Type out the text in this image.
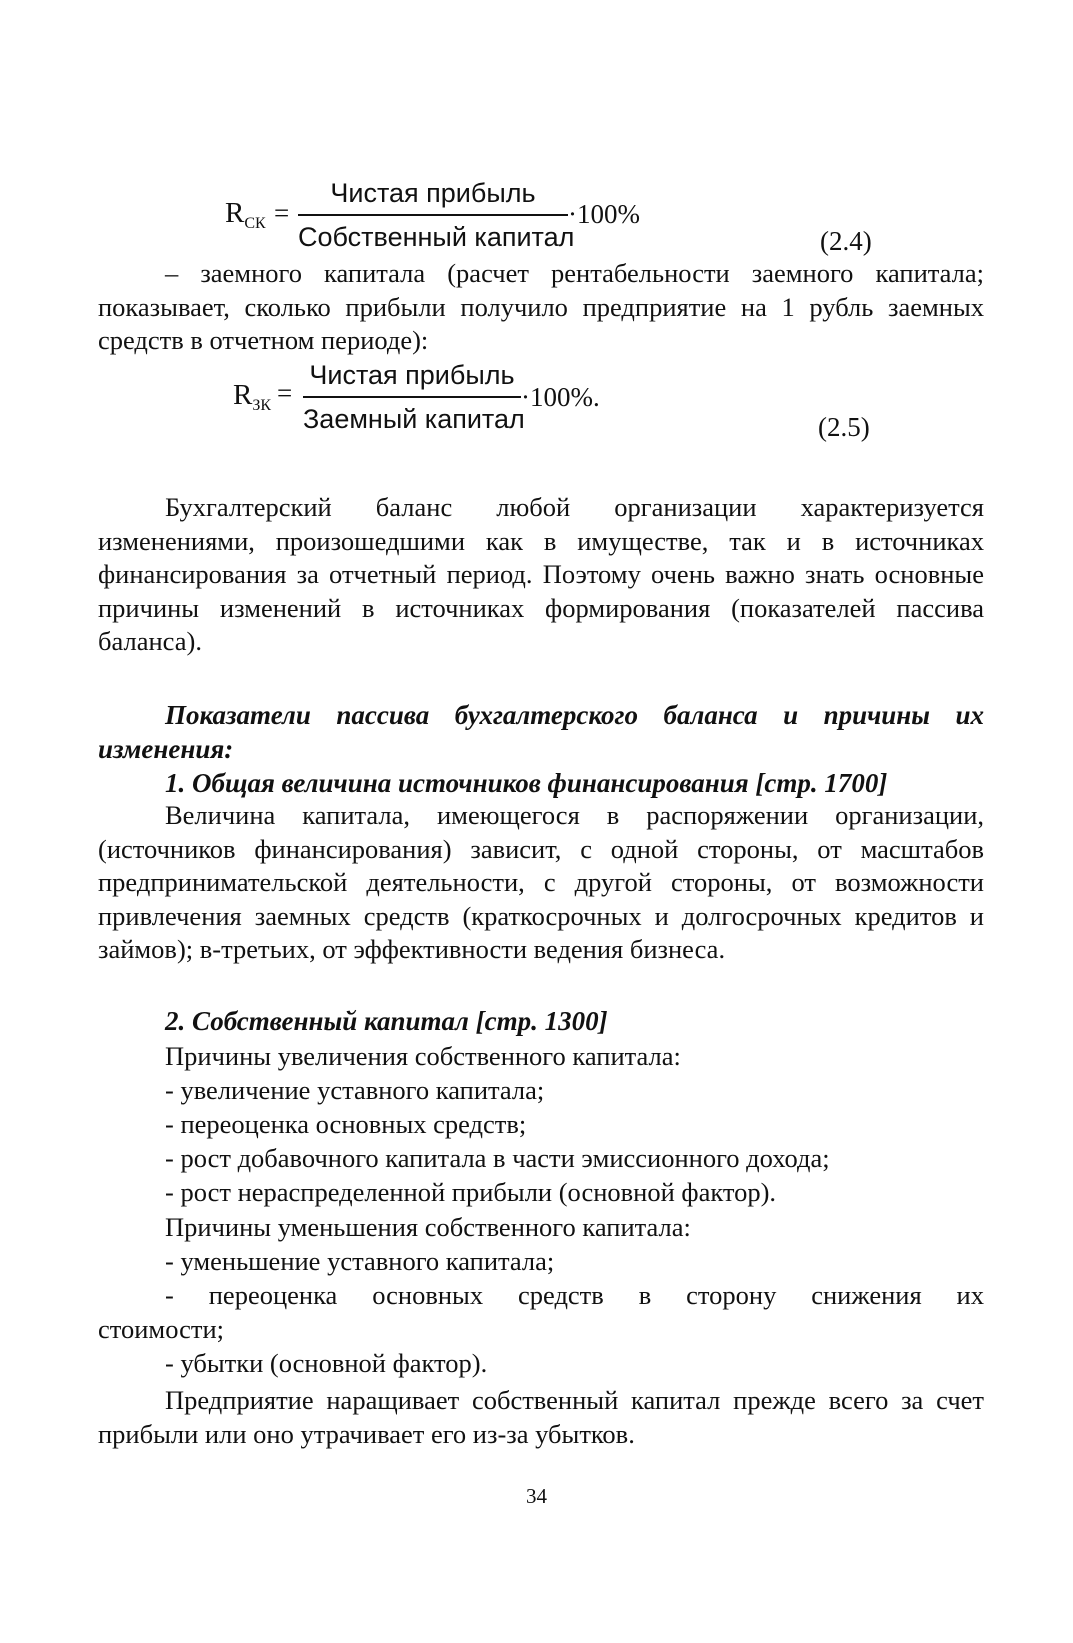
$R_{СК}$ =
Чистая прибыль
Собственный капитал
·100%
(2.4)

– заемного капитала (расчет рентабельности заемного капитала; показывает, сколько прибыли получило предприятие на 1 рубль заемных средств в отчетном периоде):

$R_{ЗК}$ =
Чистая прибыль
Заемный капитал
·100%.
(2.5)

Бухгалтерский баланс любой организации характеризуется изменениями, произошедшими как в имуществе, так и в источниках финансирования за отчетный период. Поэтому очень важно знать основные причины изменений в источниках формирования (показателей пассива баланса).

Показатели пассива бухгалтерского баланса и причины их изменения:

1. Общая величина источников финансирования [стр. 1700]

Величина капитала, имеющегося в распоряжении организации, (источников финансирования) зависит, с одной стороны, от масштабов предпринимательской деятельности, с другой стороны, от возможности привлечения заемных средств (краткосрочных и долгосрочных кредитов и займов); в-третьих, от эффективности ведения бизнеса.

2. Собственный капитал [стр. 1300]

Причины увеличения собственного капитала:

- увеличение уставного капитала;

- переоценка основных средств;

- рост добавочного капитала в части эмиссионного дохода;

- рост нераспределенной прибыли (основной фактор).

Причины уменьшения собственного капитала:

- уменьшение уставного капитала;

- переоценка основных средств в сторону снижения их стоимости;

- убытки (основной фактор).

Предприятие наращивает собственный капитал прежде всего за счет прибыли или оно утрачивает его из-за убытков.

34
